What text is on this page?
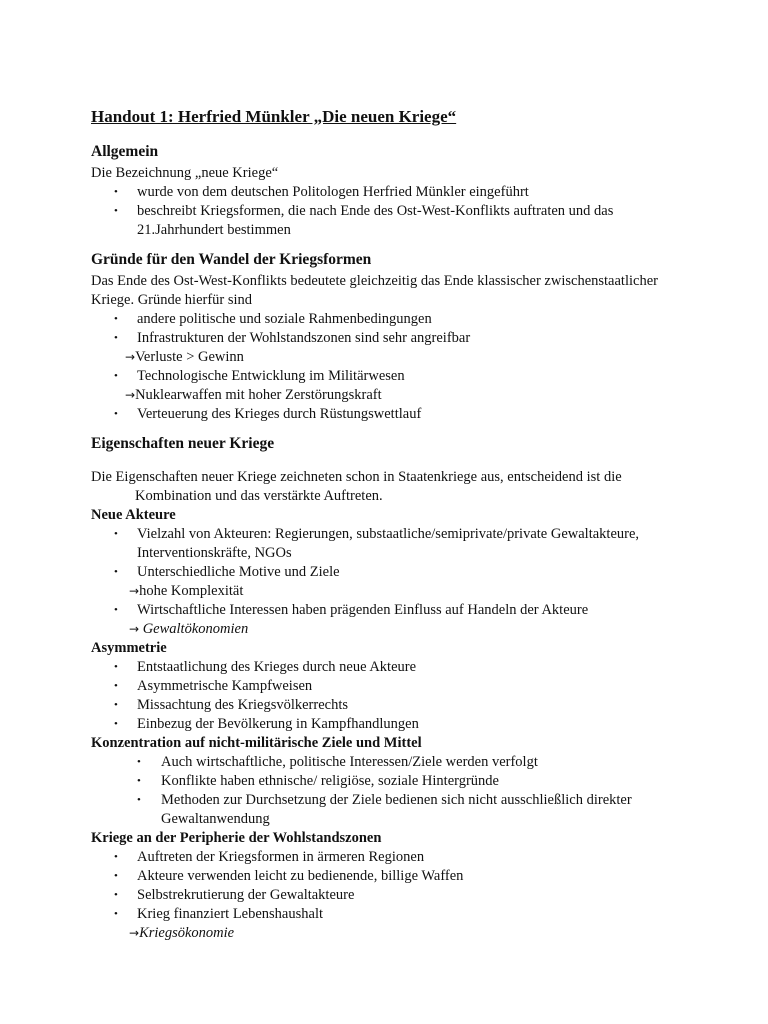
Handout 1: Herfried Münkler „Die neuen Kriege“
Allgemein

Die Bezeichnung „neue Kriege“

• wurde von dem deutschen Politologen Herfried Münkler eingeführt
• beschreibt Kriegsformen, die nach Ende des Ost-West-Konflikts auftraten und das 21.Jahrhundert bestimmen
Gründe für den Wandel der Kriegsformen

Das Ende des Ost-West-Konflikts bedeutete gleichzeitig das Ende klassischer zwischenstaatlicher Kriege. Gründe hierfür sind

• andere politische und soziale Rahmenbedingungen
• Infrastrukturen der Wohlstandszonen sind sehr angreifbar
→Verluste > Gewinn
• Technologische Entwicklung im Militärwesen
→Nuklearwaffen mit hoher Zerstörungskraft
• Verteuerung des Krieges durch Rüstungswettlauf
Eigenschaften neuer Kriege

Die Eigenschaften neuer Kriege zeichneten schon in Staatenkriege aus, entscheidend ist die Kombination und das verstärkte Auftreten.

Neue Akteure

• Vielzahl von Akteuren: Regierungen, substaatliche/semiprivate/private Gewaltakteure, Interventionskräfte, NGOs
• Unterschiedliche Motive und Ziele
→hohe Komplexität
• Wirtschaftliche Interessen haben prägenden Einfluss auf Handeln der Akteure
→ Gewaltökonomien

Asymmetrie

• Entstaatlichung des Krieges durch neue Akteure
• Asymmetrische Kampfweisen
• Missachtung des Kriegsvölkerrechts
• Einbezug der Bevölkerung in Kampfhandlungen

Konzentration auf nicht-militärische Ziele und Mittel

• Auch wirtschaftliche, politische Interessen/Ziele werden verfolgt
• Konflikte haben ethnische/ religiöse, soziale Hintergründe
• Methoden zur Durchsetzung der Ziele bedienen sich nicht ausschließlich direkter Gewaltanwendung

Kriege an der Peripherie der Wohlstandszonen

• Auftreten der Kriegsformen in ärmeren Regionen
• Akteure verwenden leicht zu bedienende, billige Waffen
• Selbstrekrutierung der Gewaltakteure
• Krieg finanziert Lebenshaushalt
→Kriegsökonomie
